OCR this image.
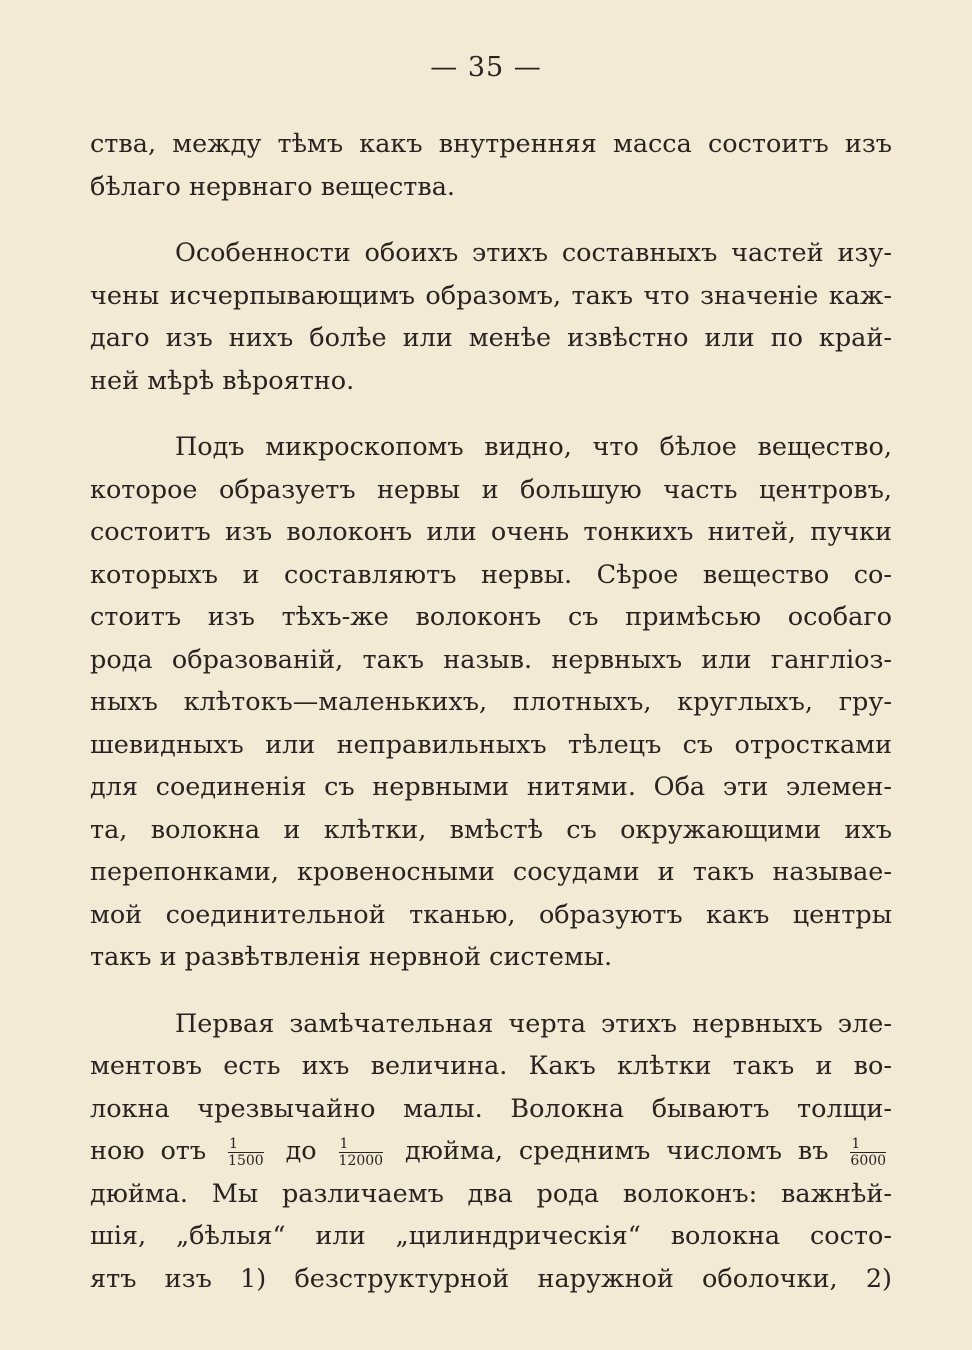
— 35 —
ства, между тѣмъ какъ внутренняя масса состоитъ изъ
бѣлаго нервнаго вещества.
Особенности обоихъ этихъ составныхъ частей изу-
чены исчерпывающимъ образомъ, такъ что значеніе каж-
даго изъ нихъ болѣе или менѣе извѣстно или по край-
ней мѣрѣ вѣроятно.
Подъ микроскопомъ видно, что бѣлое вещество,
которое образуетъ нервы и большую часть центровъ,
состоитъ изъ волоконъ или очень тонкихъ нитей, пучки
которыхъ и составляютъ нервы. Сѣрое вещество со-
стоитъ изъ тѣхъ-же волоконъ съ примѣсью особаго
рода образованій, такъ назыв. нервныхъ или гангліоз-
ныхъ клѣтокъ—маленькихъ, плотныхъ, круглыхъ, гру-
шевидныхъ или неправильныхъ тѣлецъ съ отростками
для соединенія съ нервными нитями. Оба эти элемен-
та, волокна и клѣтки, вмѣстѣ съ окружающими ихъ
перепонками, кровеносными сосудами и такъ называе-
мой соединительной тканью, образуютъ какъ центры
такъ и развѣтвленія нервной системы.
Первая замѣчательная черта этихъ нервныхъ эле-
ментовъ есть ихъ величина. Какъ клѣтки такъ и во-
локна чрезвычайно малы. Волокна бываютъ толщи-
ною отъ $\frac{1}{1500}$ до $\frac{1}{12000}$ дюйма, среднимъ числомъ въ $\frac{1}{6000}$
дюйма. Мы различаемъ два рода волоконъ: важнѣй-
шія, „бѣлыя“ или „цилиндрическія“ волокна состо-
ятъ изъ 1) безструктурной наружной оболочки, 2)
